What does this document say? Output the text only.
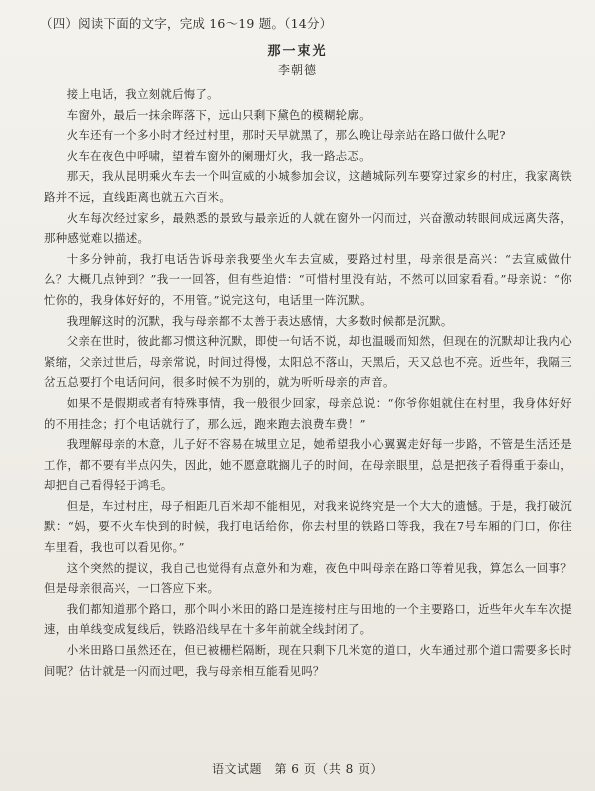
（四）阅读下面的文字，完成 16～19 题。（14分）
那一束光
李朝德

接上电话，我立刻就后悔了。

车窗外，最后一抹余晖落下，远山只剩下黛色的模糊轮廓。

火车还有一个多小时才经过村里，那时天早就黑了，那么晚让母亲站在路口做什么呢?

火车在夜色中呼啸，望着车窗外的阑珊灯火，我一路忐忑。

那天，我从昆明乘火车去一个叫宣威的小城参加会议，这趟城际列车要穿过家乡的村庄，我家离铁路并不远，直线距离也就五六百米。

火车每次经过家乡，最熟悉的景致与最亲近的人就在窗外一闪而过，兴奋激动转眼间成远离失落，那种感觉难以描述。

十多分钟前，我打电话告诉母亲我要坐火车去宣威，要路过村里，母亲很是高兴：“去宣威做什么？大概几点钟到？”我一一回答，但有些迫惜：“可惜村里没有站，不然可以回家看看。”母亲说：“你忙你的，我身体好好的，不用管。”说完这句，电话里一阵沉默。

我理解这时的沉默，我与母亲都不太善于表达感情，大多数时候都是沉默。

父亲在世时，彼此都习惯这种沉默，即使一句话不说，却也温暖而知然，但现在的沉默却让我内心紧缩，父亲过世后，母亲常说，时间过得慢，太阳总不落山，天黑后，天又总也不亮。近些年，我隔三岔五总要打个电话问问，很多时候不为别的，就为听听母亲的声音。

如果不是假期或者有特殊事情，我一般很少回家，母亲总说：“你爷你姐就住在村里，我身体好好的不用挂念；打个电话就行了，那么远，跑来跑去浪费车费！”

我理解母亲的木意，儿子好不容易在城里立足，她希望我小心翼翼走好每一步路，不管是生活还是工作，都不要有半点闪失，因此，她不愿意耽搁儿子的时间，在母亲眼里，总是把孩子看得重于泰山，却把自己看得轻于鸿毛。

但是，车过村庄，母子相距几百米却不能相见，对我来说终究是一个大大的遗憾。于是，我打破沉默：“妈，要不火车快到的时候，我打电话给你，你去村里的铁路口等我，我在7号车厢的门口，你往车里看，我也可以看见你。”

这个突然的提议，我自己也觉得有点意外和为难，夜色中叫母亲在路口等着见我，算怎么一回事？但是母亲很高兴，一口答应下来。

我们都知道那个路口，那个叫小米田的路口是连接村庄与田地的一个主要路口，近些年火车车次提速，由单线变成复线后，铁路沿线早在十多年前就全线封闭了。

小米田路口虽然还在，但已被栅栏隔断，现在只剩下几米宽的道口，火车通过那个道口需要多长时间呢？估计就是一闪而过吧，我与母亲相互能看见吗？

语文试题　第 6 页（共 8 页）
